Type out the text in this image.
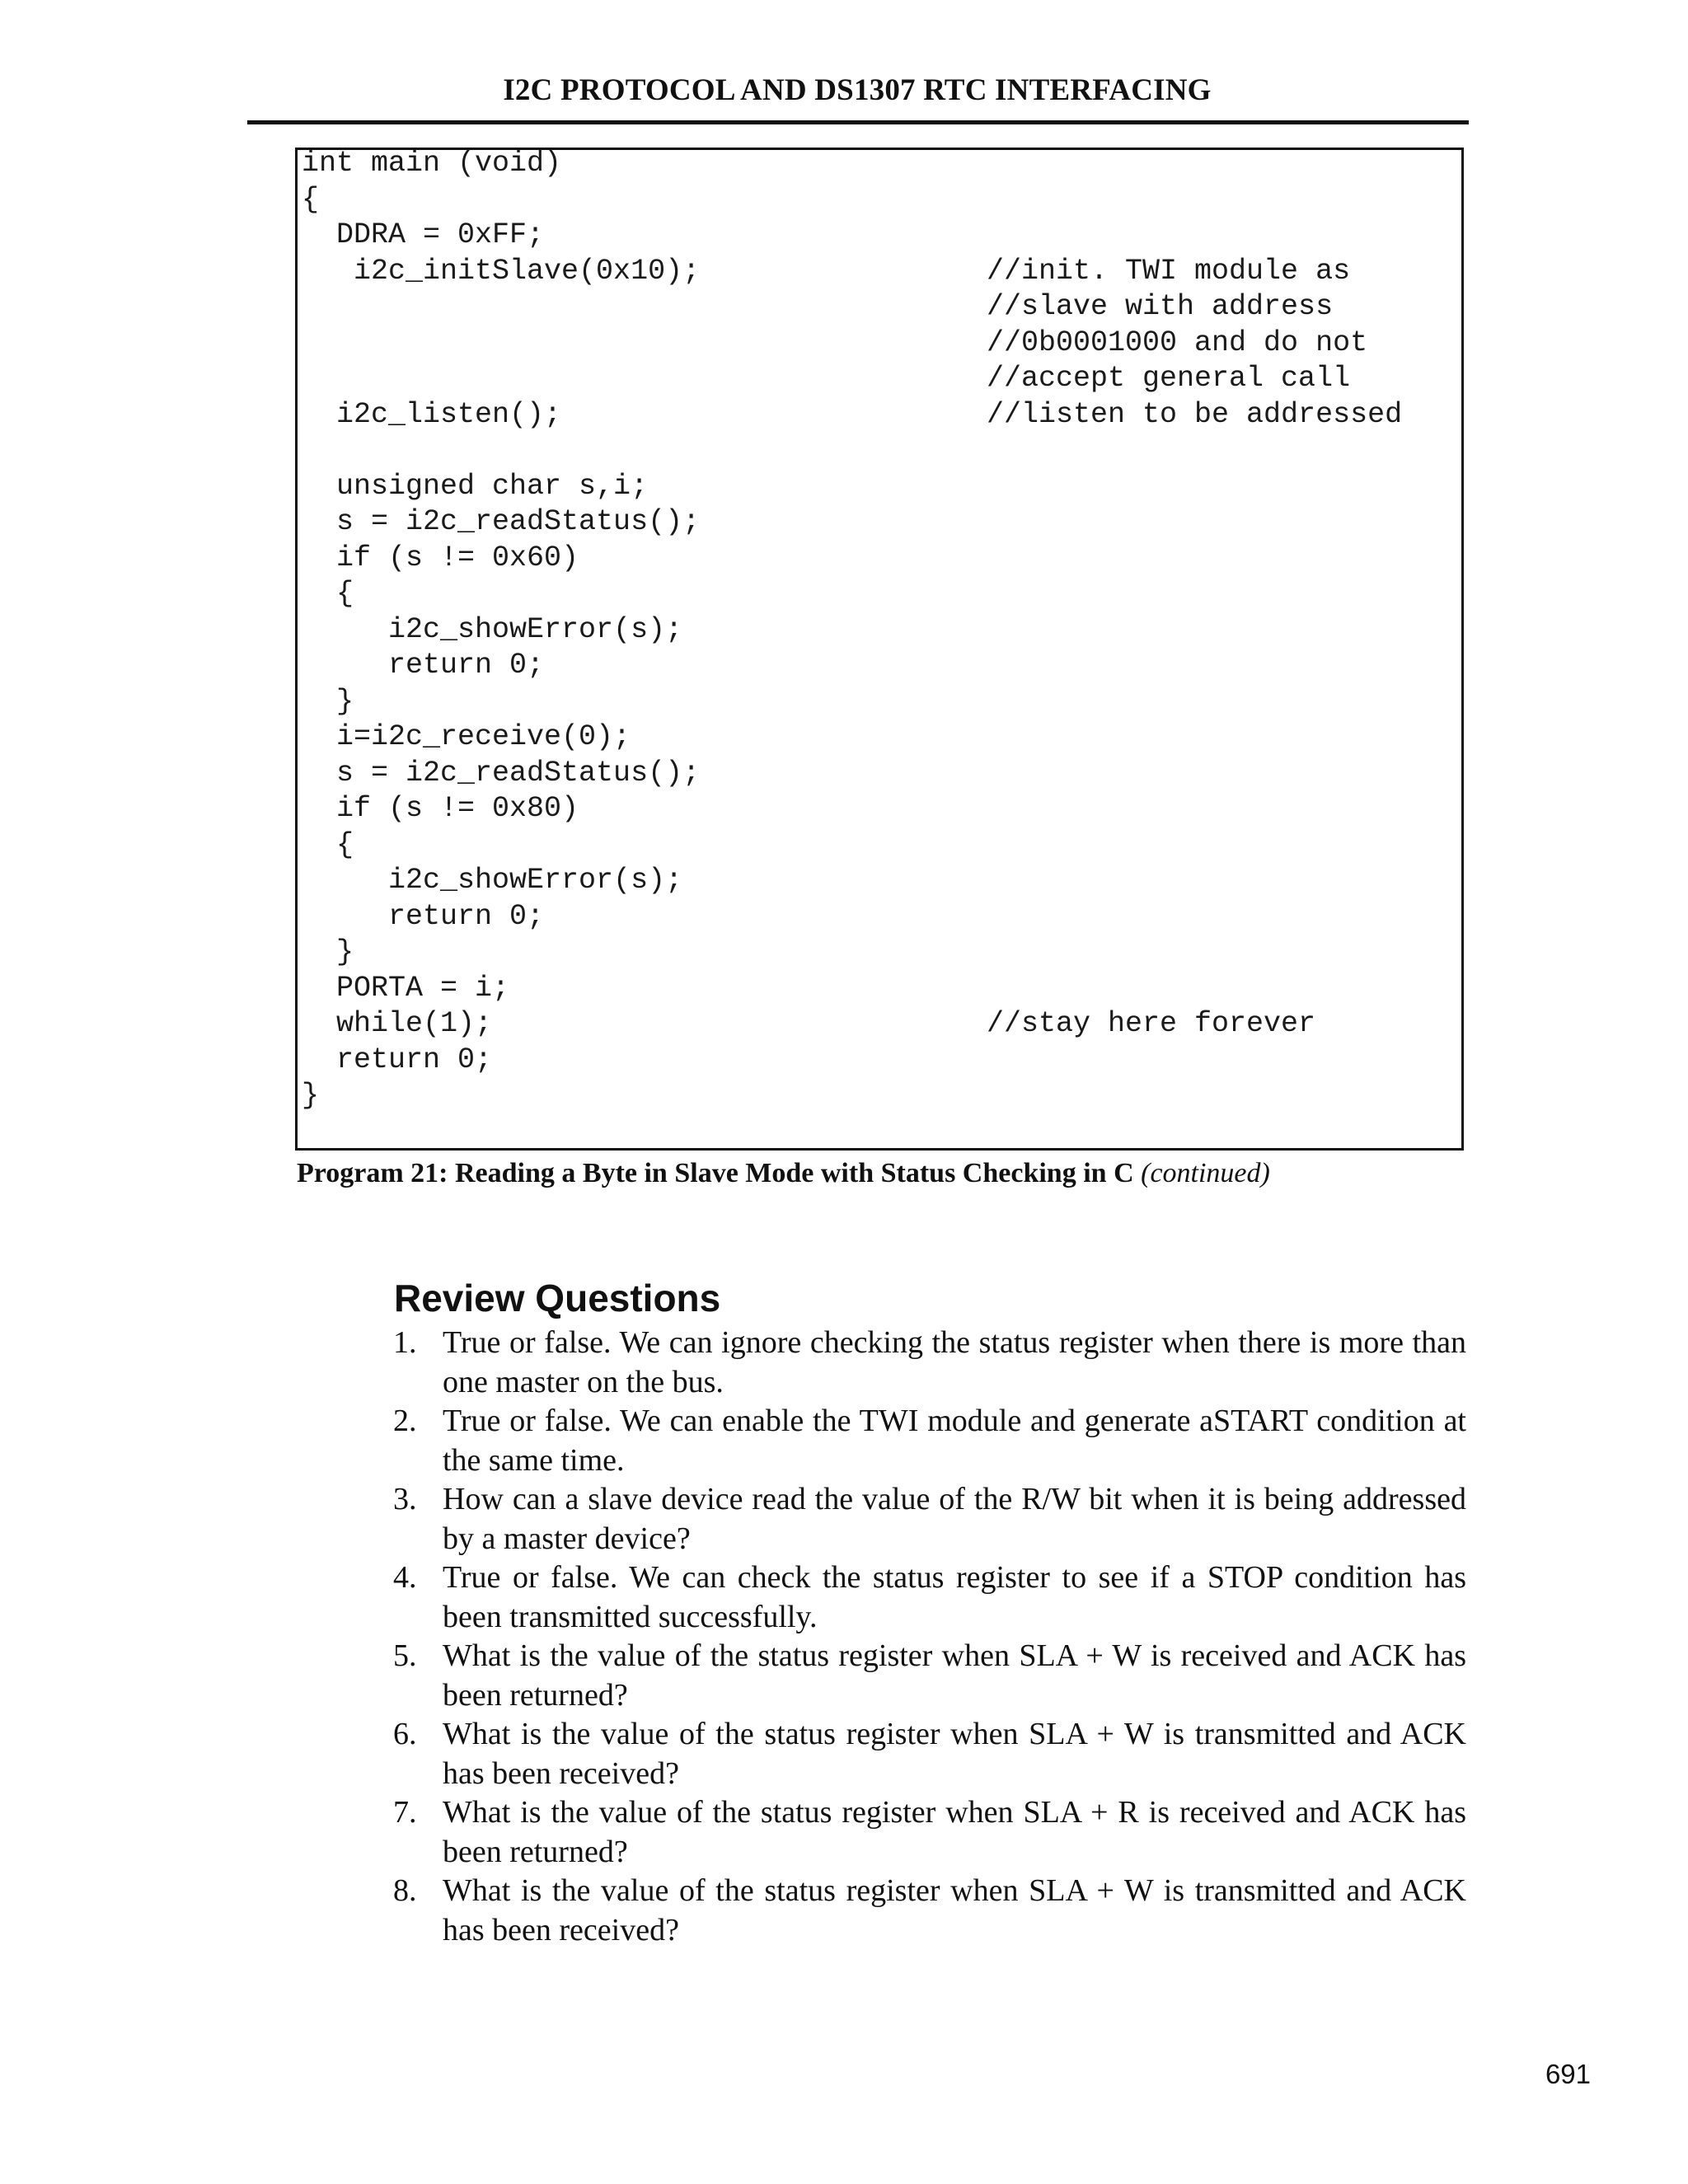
I2C PROTOCOL AND DS1307 RTC INTERFACING
int main (void)
{
DDRA = 0xFF;
i2c_initSlave(0x10);	//init. TWI module as
//slave with address
//0b0001000 and do not
//accept general call
i2c_listen();	//listen to be addressed
unsigned char s,i;
s = i2c_readStatus();
if (s != 0x60)
{
i2c_showError(s);
return 0;
}
i=i2c_receive(0);
s = i2c_readStatus();
if (s != 0x80)
{
i2c_showError(s);
return 0;
}
PORTA = i;
while(1);	//stay here forever
return 0;
}
Program 21: Reading a Byte in Slave Mode with Status Checking in C (continued)
Review Questions
1. True or false. We can ignore checking the status register when there is more than one master on the bus.
2. True or false. We can enable the TWI module and generate aSTART condition at the same time.
3. How can a slave device read the value of the R/W bit when it is being addressed by a master device?
4. True or false. We can check the status register to see if a STOP condition has been transmitted successfully.
5. What is the value of the status register when SLA + W is received and ACK has been returned?
6. What is the value of the status register when SLA + W is transmitted and ACK has been received?
7. What is the value of the status register when SLA + R is received and ACK has been returned?
8. What is the value of the status register when SLA + W is transmitted and ACK has been received?
691
